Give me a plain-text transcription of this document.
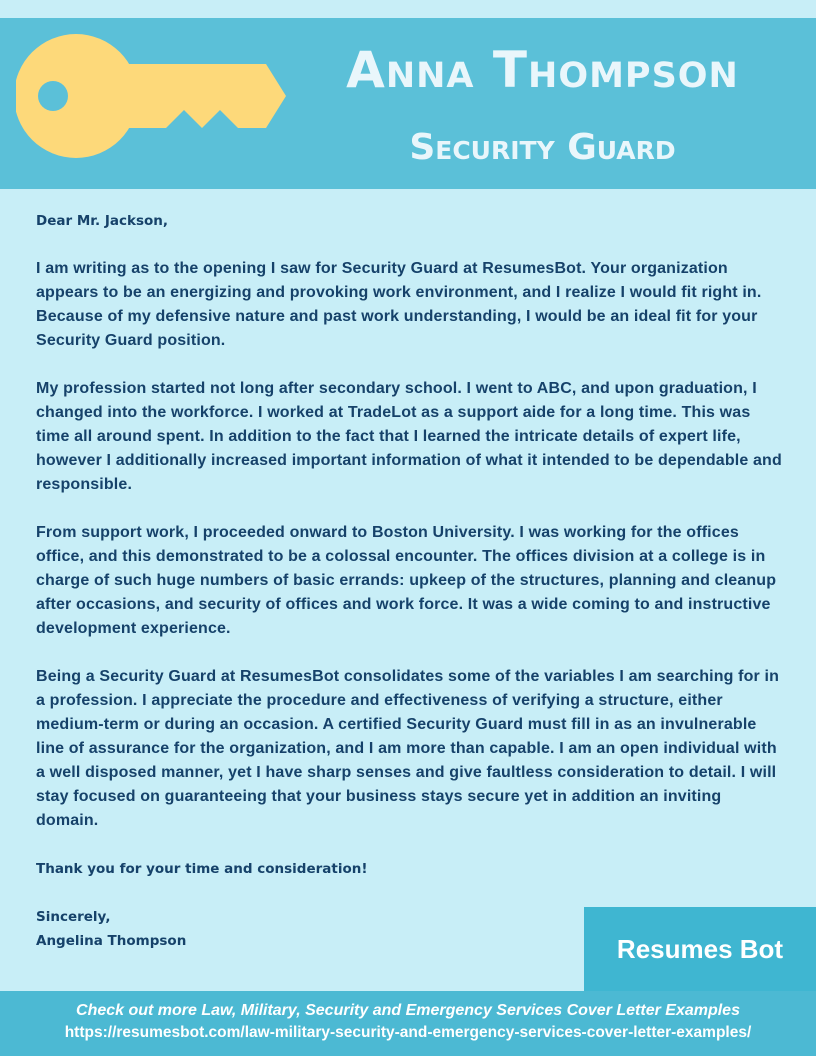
Anna Thompson
Security Guard

Dear Mr. Jackson,

I am writing as to the opening I saw for Security Guard at ResumesBot. Your organization appears to be an energizing and provoking work environment, and I realize I would fit right in. Because of my defensive nature and past work understanding, I would be an ideal fit for your Security Guard position.

My profession started not long after secondary school. I went to ABC, and upon graduation, I changed into the workforce. I worked at TradeLot as a support aide for a long time. This was time all around spent. In addition to the fact that I learned the intricate details of expert life, however I additionally increased important information of what it intended to be dependable and responsible.

From support work, I proceeded onward to Boston University. I was working for the offices office, and this demonstrated to be a colossal encounter. The offices division at a college is in charge of such huge numbers of basic errands: upkeep of the structures, planning and cleanup after occasions, and security of offices and work force. It was a wide coming to and instructive development experience.

Being a Security Guard at ResumesBot consolidates some of the variables I am searching for in a profession. I appreciate the procedure and effectiveness of verifying a structure, either medium-term or during an occasion. A certified Security Guard must fill in as an invulnerable line of assurance for the organization, and I am more than capable. I am an open individual with a well disposed manner, yet I have sharp senses and give faultless consideration to detail. I will stay focused on guaranteeing that your business stays secure yet in addition an inviting domain.

Thank you for your time and consideration!

Sincerely,

Angelina Thompson	Resumes Bot
Check out more Law, Military, Security and Emergency Services Cover Letter Examples
https://resumesbot.com/law-military-security-and-emergency-services-cover-letter-examples/
